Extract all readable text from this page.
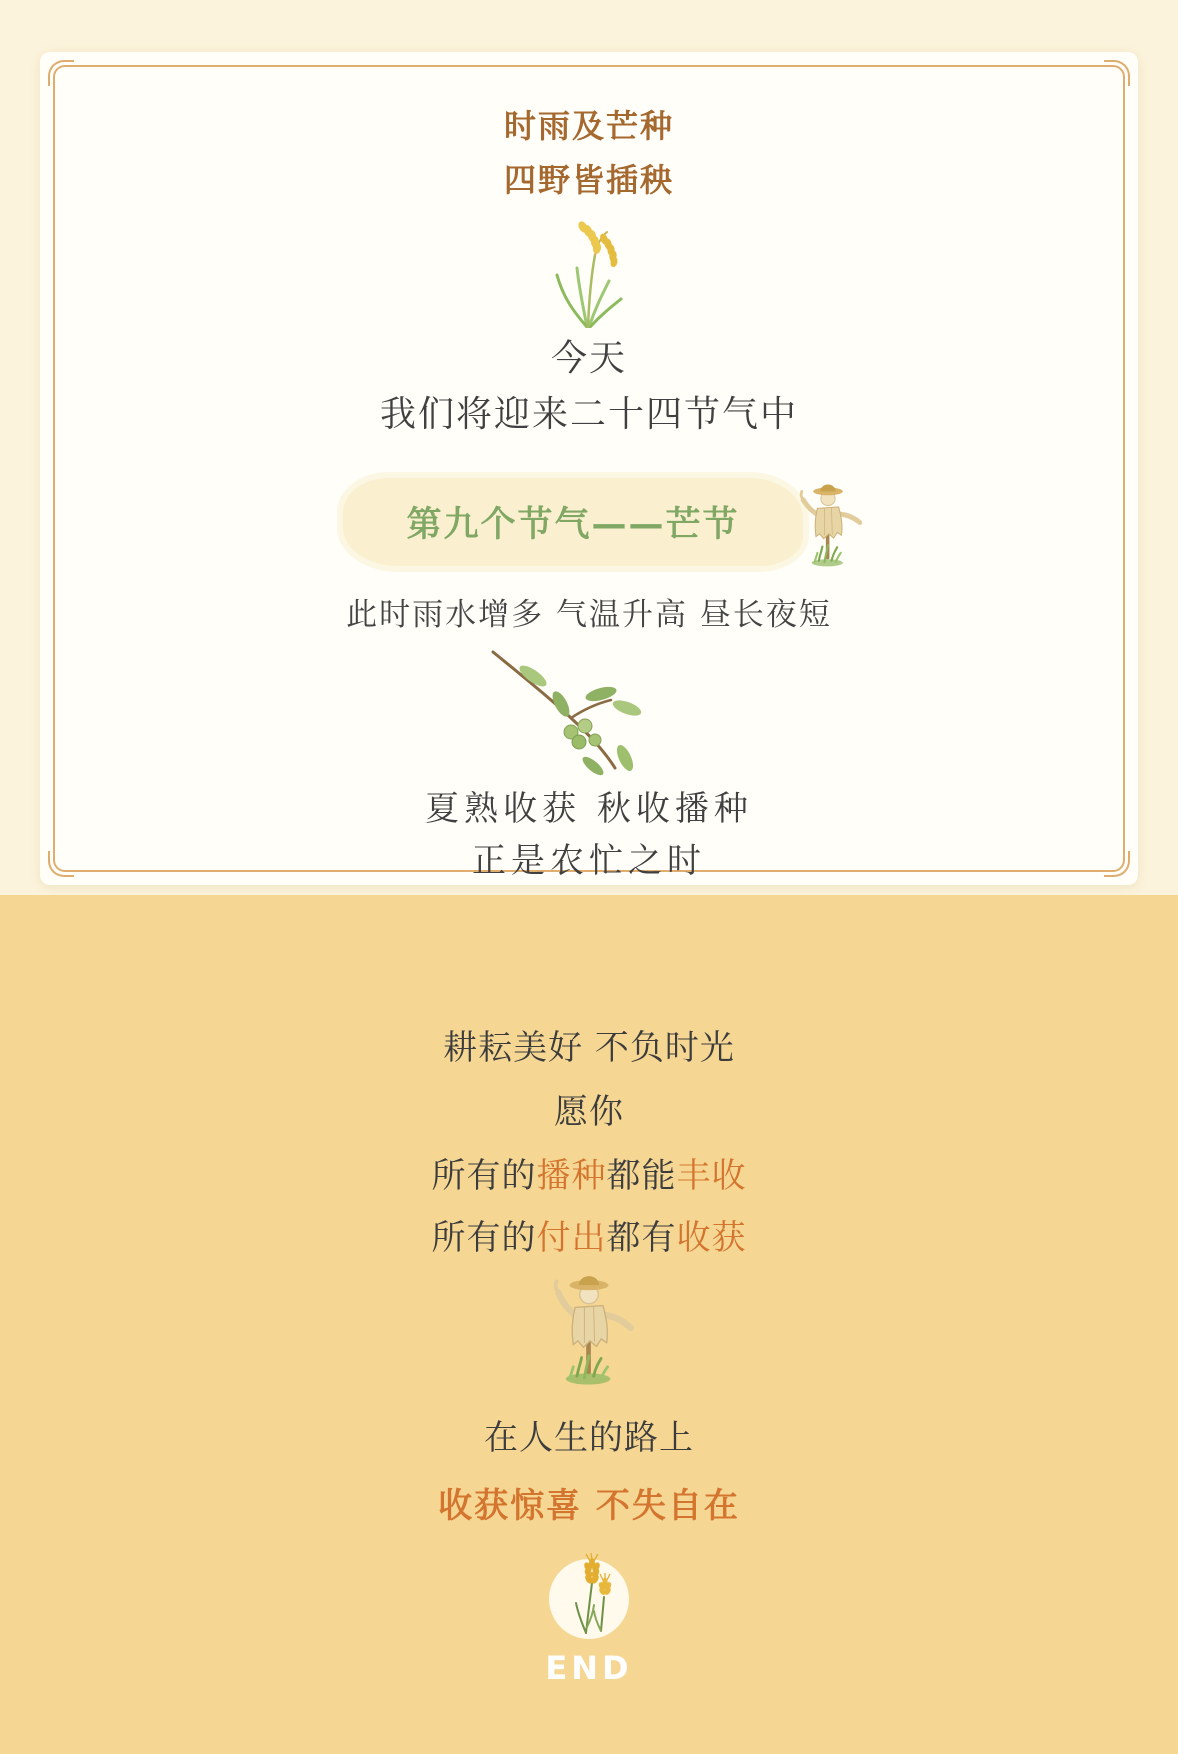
时雨及芒种
四野皆插秧
今天
我们将迎来二十四节气中
第九个节气——芒节
此时雨水增多 气温升高 昼长夜短
夏熟收获 秋收播种
正是农忙之时
耕耘美好 不负时光
愿你
所有的播种都能丰收
所有的付出都有收获
在人生的路上
收获惊喜 不失自在
END
